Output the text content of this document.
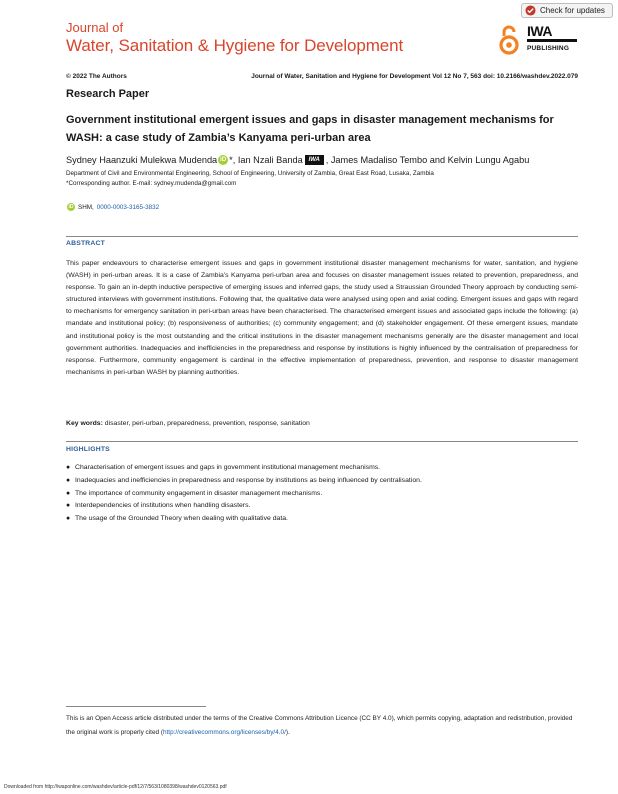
Journal of
Water, Sanitation & Hygiene for Development
Check for updates
IWA
PUBLISHING
© 2022 The Authors	Journal of Water, Sanitation and Hygiene for Development Vol 12 No 7, 563 doi: 10.2166/washdev.2022.079
Research Paper
Government institutional emergent issues and gaps in disaster management mechanisms for WASH: a case study of Zambia’s Kanyama peri-urban area
Sydney Haanzuki Mulekwa Mudenda iD * , Ian Nzali Banda IWA , James Madaliso Tembo and Kelvin Lungu Agabu
Department of Civil and Environmental Engineering, School of Engineering, University of Zambia, Great East Road, Lusaka, Zambia
*Corresponding author. E-mail: sydney.mudenda@gmail.com
iD SHM, 0000-0003-3165-3832
ABSTRACT
This paper endeavours to characterise emergent issues and gaps in government institutional disaster management mechanisms for water, sanitation, and hygiene (WASH) in peri-urban areas. It is a case of Zambia’s Kanyama peri-urban area and focuses on disaster management issues related to prevention, preparedness, and response. To gain an in-depth inductive perspective of emerging issues and inferred gaps, the study used a Straussian Grounded Theory approach by conducting semi-structured interviews with government institutions. Following that, the qualitative data were analysed using open and axial coding. Emergent issues and gaps with regard to mechanisms for emergency sanitation in peri-urban areas have been characterised. The characterised emergent issues and associated gaps include the following: (a) mandate and institutional policy; (b) responsiveness of authorities; (c) community engagement; and (d) stakeholder engagement. Of these emergent issues, mandate and institutional policy is the most outstanding and the critical institutions in the disaster management mechanisms generally are the disaster management and local government authorities. Inadequacies and inefficiencies in the preparedness and response by institutions is highly influenced by the centralisation of preparedness for response. Furthermore, community engagement is cardinal in the effective implementation of preparedness, prevention, and response to disaster management mechanisms in peri-urban WASH by planning authorities.
Key words: disaster, peri-urban, preparedness, prevention, response, sanitation
HIGHLIGHTS
● Characterisation of emergent issues and gaps in government institutional management mechanisms.
● Inadequacies and inefficiencies in preparedness and response by institutions as being influenced by centralisation.
● The importance of community engagement in disaster management mechanisms.
● Interdependencies of institutions when handling disasters.
● The usage of the Grounded Theory when dealing with qualitative data.
This is an Open Access article distributed under the terms of the Creative Commons Attribution Licence (CC BY 4.0), which permits copying, adaptation and redistribution, provided the original work is properly cited (http://creativecommons.org/licenses/by/4.0/).
Downloaded from http://iwaponline.com/washdev/article-pdf/12/7/563/1080398/washdev0120563.pdf
